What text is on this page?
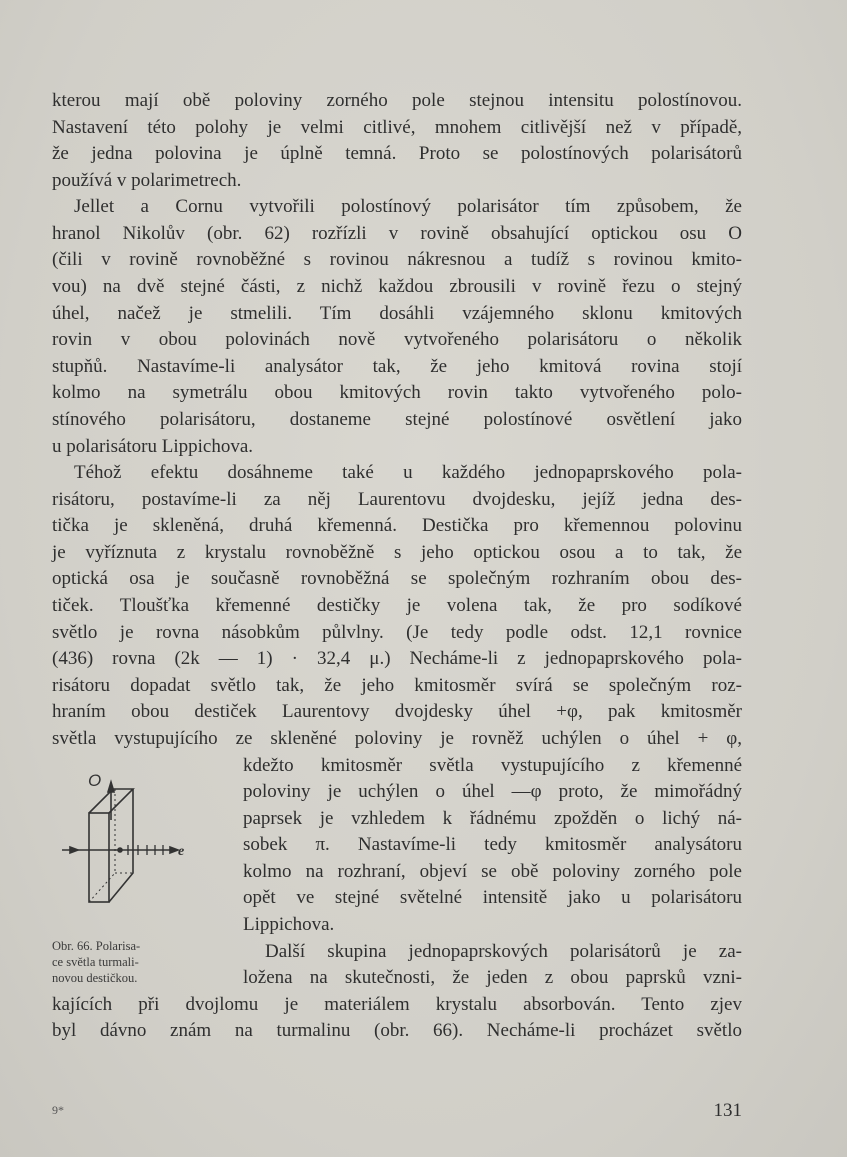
kterou mají obě poloviny zorného pole stejnou intensitu polostínovou.
Nastavení této polohy je velmi citlivé, mnohem citlivější než v případě,
že jedna polovina je úplně temná. Proto se polostínových polarisátorů
používá v polarimetrech.
Jellet a Cornu vytvořili polostínový polarisátor tím způsobem, že
hranol Nikolův (obr. 62) rozřízli v rovině obsahující optickou osu O
(čili v rovině rovnoběžné s rovinou nákresnou a tudíž s rovinou kmito-
vou) na dvě stejné části, z nichž každou zbrousili v rovině řezu o stejný
úhel, načež je stmelili. Tím dosáhli vzájemného sklonu kmitových
rovin v obou polovinách nově vytvořeného polarisátoru o několik
stupňů. Nastavíme-li analysátor tak, že jeho kmitová rovina stojí
kolmo na symetrálu obou kmitových rovin takto vytvořeného polo-
stínového polarisátoru, dostaneme stejné polostínové osvětlení jako
u polarisátoru Lippichova.
Téhož efektu dosáhneme také u každého jednopaprskového pola-
risátoru, postavíme-li za něj Laurentovu dvojdesku, jejíž jedna des-
tička je skleněná, druhá křemenná. Destička pro křemennou polovinu
je vyříznuta z krystalu rovnoběžně s jeho optickou osou a to tak, že
optická osa je současně rovnoběžná se společným rozhraním obou des-
tiček. Tloušťka křemenné destičky je volena tak, že pro sodíkové
světlo je rovna násobkům půlvlny. (Je tedy podle odst. 12,1 rovnice
(436) rovna (2k — 1) · 32,4 μ.) Necháme-li z jednopaprskového pola-
risátoru dopadat světlo tak, že jeho kmitosměr svírá se společným roz-
hraním obou destiček Laurentovy dvojdesky úhel +φ, pak kmitosměr
světla vystupujícího ze skleněné poloviny je rovněž uchýlen o úhel + φ,
kdežto kmitosměr světla vystupujícího z křemenné
poloviny je uchýlen o úhel —φ proto, že mimořádný
paprsek je vzhledem k řádnému zpožděn o lichý ná-
sobek π. Nastavíme-li tedy kmitosměr analysátoru
kolmo na rozhraní, objeví se obě poloviny zorného pole
opět ve stejné světelné intensitě jako u polarisátoru
Lippichova.
Další skupina jednopaprskových polarisátorů je za-
ložena na skutečnosti, že jeden z obou paprsků vzni-
kajících při dvojlomu je materiálem krystalu absorbován. Tento zjev
byl dávno znám na turmalinu (obr. 66). Necháme-li procházet světlo
O
e
Obr. 66. Polarisa-
ce světla turmali-
novou destičkou.
9*	131
